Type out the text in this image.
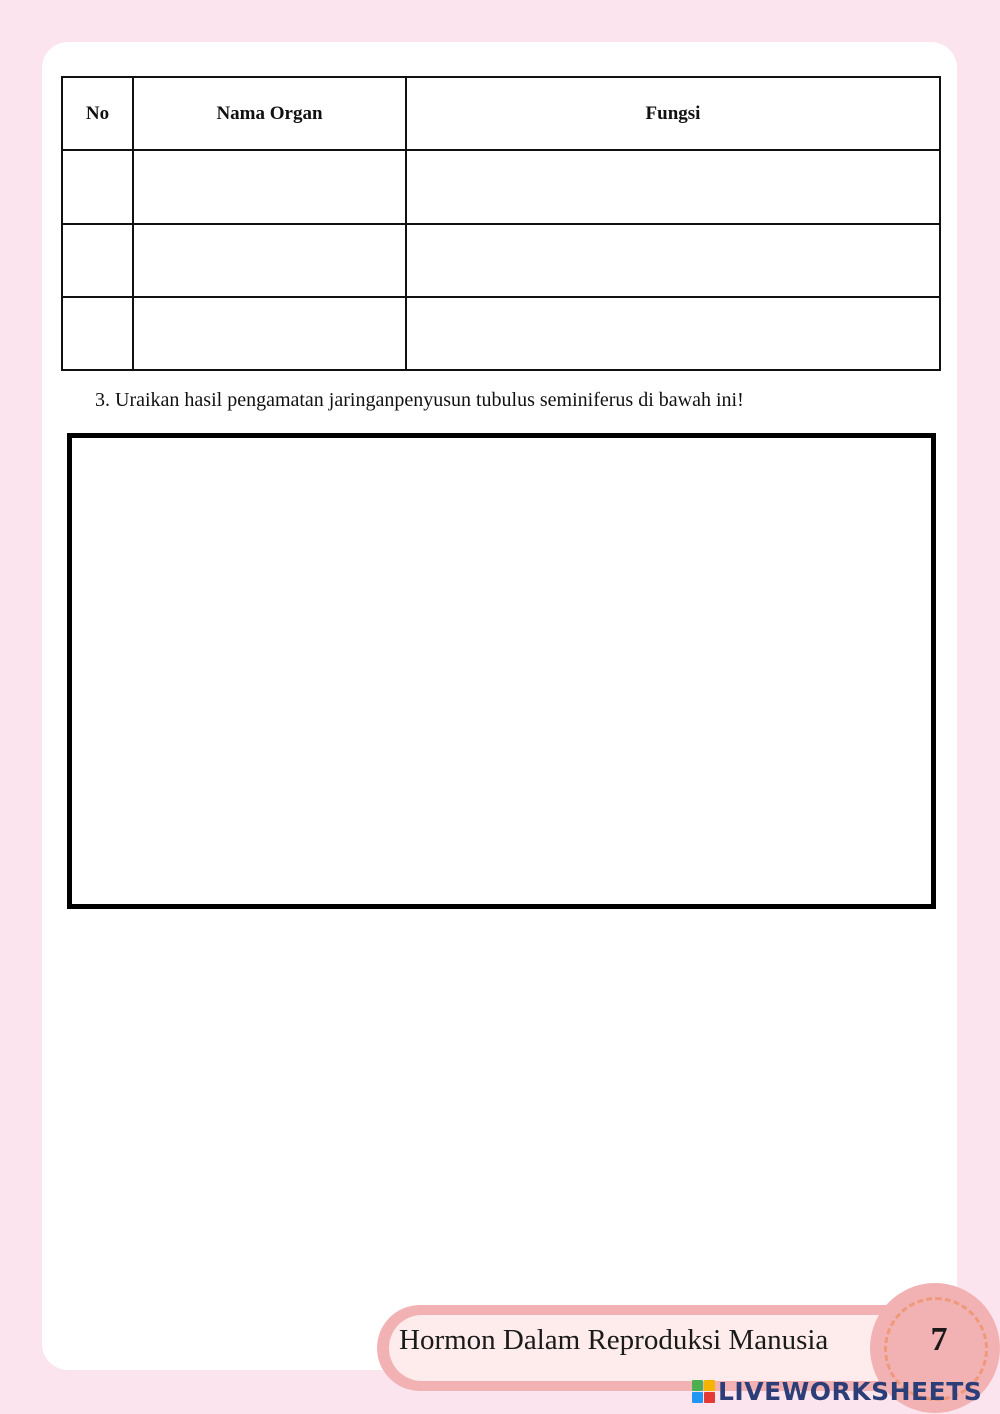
No	Nama Organ	Fungsi

3. Uraikan hasil pengamatan jaringanpenyusun tubulus seminiferus di bawah ini!
Hormon Dalam Reproduksi Manusia	7
LIVEWORKSHEETS
